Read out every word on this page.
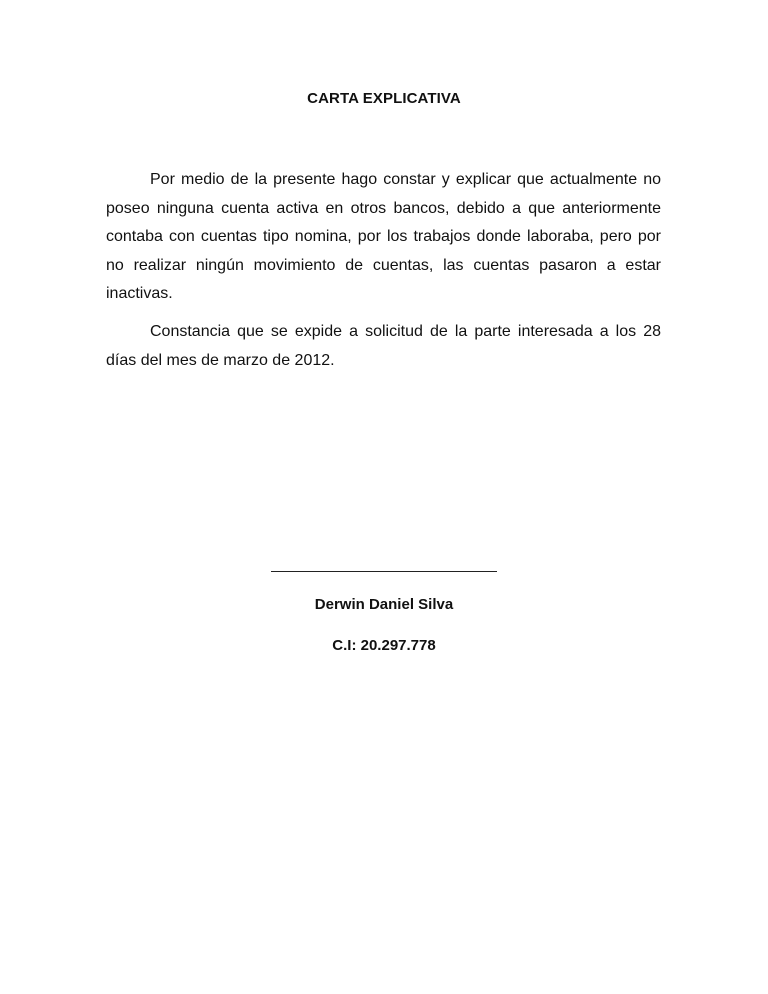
CARTA EXPLICATIVA

Por medio de la presente hago constar y explicar que actualmente no poseo ninguna cuenta activa en otros bancos, debido a que anteriormente contaba con cuentas tipo nomina, por los trabajos donde laboraba, pero por no realizar ningún movimiento de cuentas, las cuentas pasaron a estar inactivas.

Constancia que se expide a solicitud de la parte interesada a los 28 días del mes de marzo de 2012.

Derwin Daniel Silva
C.I: 20.297.778
